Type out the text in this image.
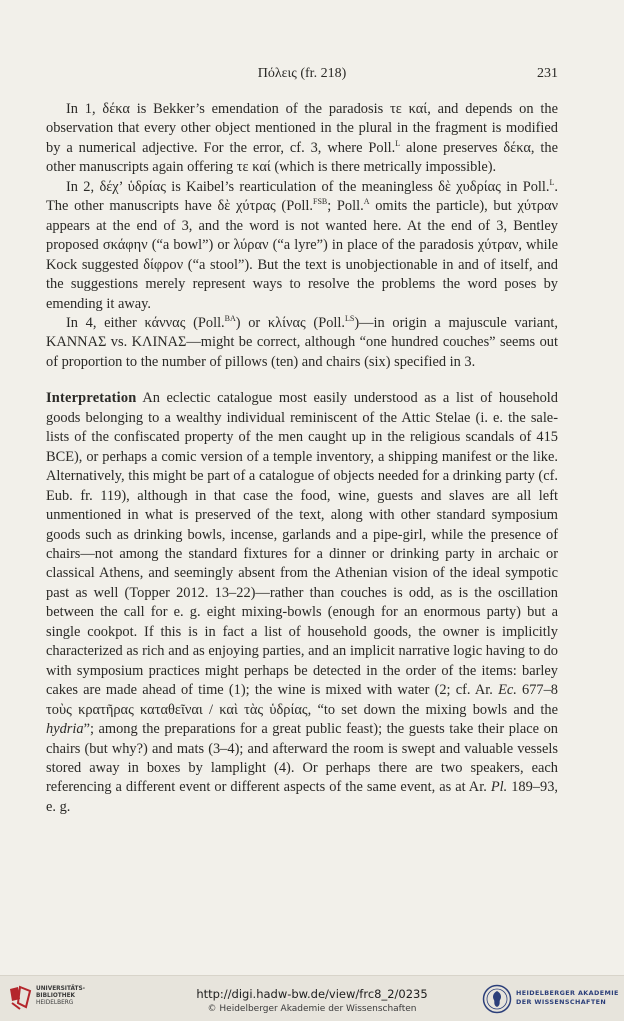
Πόλεις (fr. 218)	231

In 1, δέκα is Bekker’s emendation of the paradosis τε καί, and depends on the observation that every other object mentioned in the plural in the fragment is modified by a numerical adjective. For the error, cf. 3, where Poll.$^L$ alone preserves δέκα, the other manuscripts again offering τε καί (which is there metrically impossible).

In 2, δέχ’ ὑδρίας is Kaibel’s rearticulation of the meaningless δὲ χυδρίας in Poll.$^L$. The other manuscripts have δὲ χύτρας (Poll.$^{FSB}$; Poll.$^A$ omits the particle), but χύτραν appears at the end of 3, and the word is not wanted here. At the end of 3, Bentley proposed σκάφην (“a bowl”) or λύραν (“a lyre”) in place of the paradosis χύτραν, while Kock suggested δίφρον (“a stool”). But the text is unobjectionable in and of itself, and the suggestions merely represent ways to resolve the problems the word poses by emending it away.

In 4, either κάννας (Poll.$^{BA}$) or κλίνας (Poll.$^{LS}$)—in origin a majuscule variant, ΚΑΝΝΑΣ vs. ΚΛΙΝΑΣ—might be correct, although “one hundred couches” seems out of proportion to the number of pillows (ten) and chairs (six) specified in 3.

Interpretation An eclectic catalogue most easily understood as a list of household goods belonging to a wealthy individual reminiscent of the Attic Stelae (i. e. the sale-lists of the confiscated property of the men caught up in the religious scandals of 415 BCE), or perhaps a comic version of a temple inventory, a shipping manifest or the like. Alternatively, this might be part of a catalogue of objects needed for a drinking party (cf. Eub. fr. 119), although in that case the food, wine, guests and slaves are all left unmentioned in what is preserved of the text, along with other standard symposium goods such as drinking bowls, incense, garlands and a pipe-girl, while the presence of chairs—not among the standard fixtures for a dinner or drinking party in archaic or classical Athens, and seemingly absent from the Athenian vision of the ideal sympotic past as well (Topper 2012. 13–22)—rather than couches is odd, as is the oscillation between the call for e. g. eight mixing-bowls (enough for an enormous party) but a single cookpot. If this is in fact a list of household goods, the owner is implicitly characterized as rich and as enjoying parties, and an implicit narrative logic having to do with symposium practices might perhaps be detected in the order of the items: barley cakes are made ahead of time (1); the wine is mixed with water (2; cf. Ar. Ec. 677–8 τοὺς κρατῆρας καταθεῖναι / καὶ τὰς ὑδρίας, “to set down the mixing bowls and the hydria”; among the preparations for a great public feast); the guests take their place on chairs (but why?) and mats (3–4); and afterward the room is swept and valuable vessels stored away in boxes by lamplight (4). Or perhaps there are two speakers, each referencing a different event or different aspects of the same event, as at Ar. Pl. 189–93, e. g.

UNIVERSITÄTS-
BIBLIOTHEK
HEIDELBERG
http://digi.hadw-bw.de/view/frc8_2/0235
© Heidelberger Akademie der Wissenschaften
HEIDELBERGER AKADEMIE
DER WISSENSCHAFTEN
